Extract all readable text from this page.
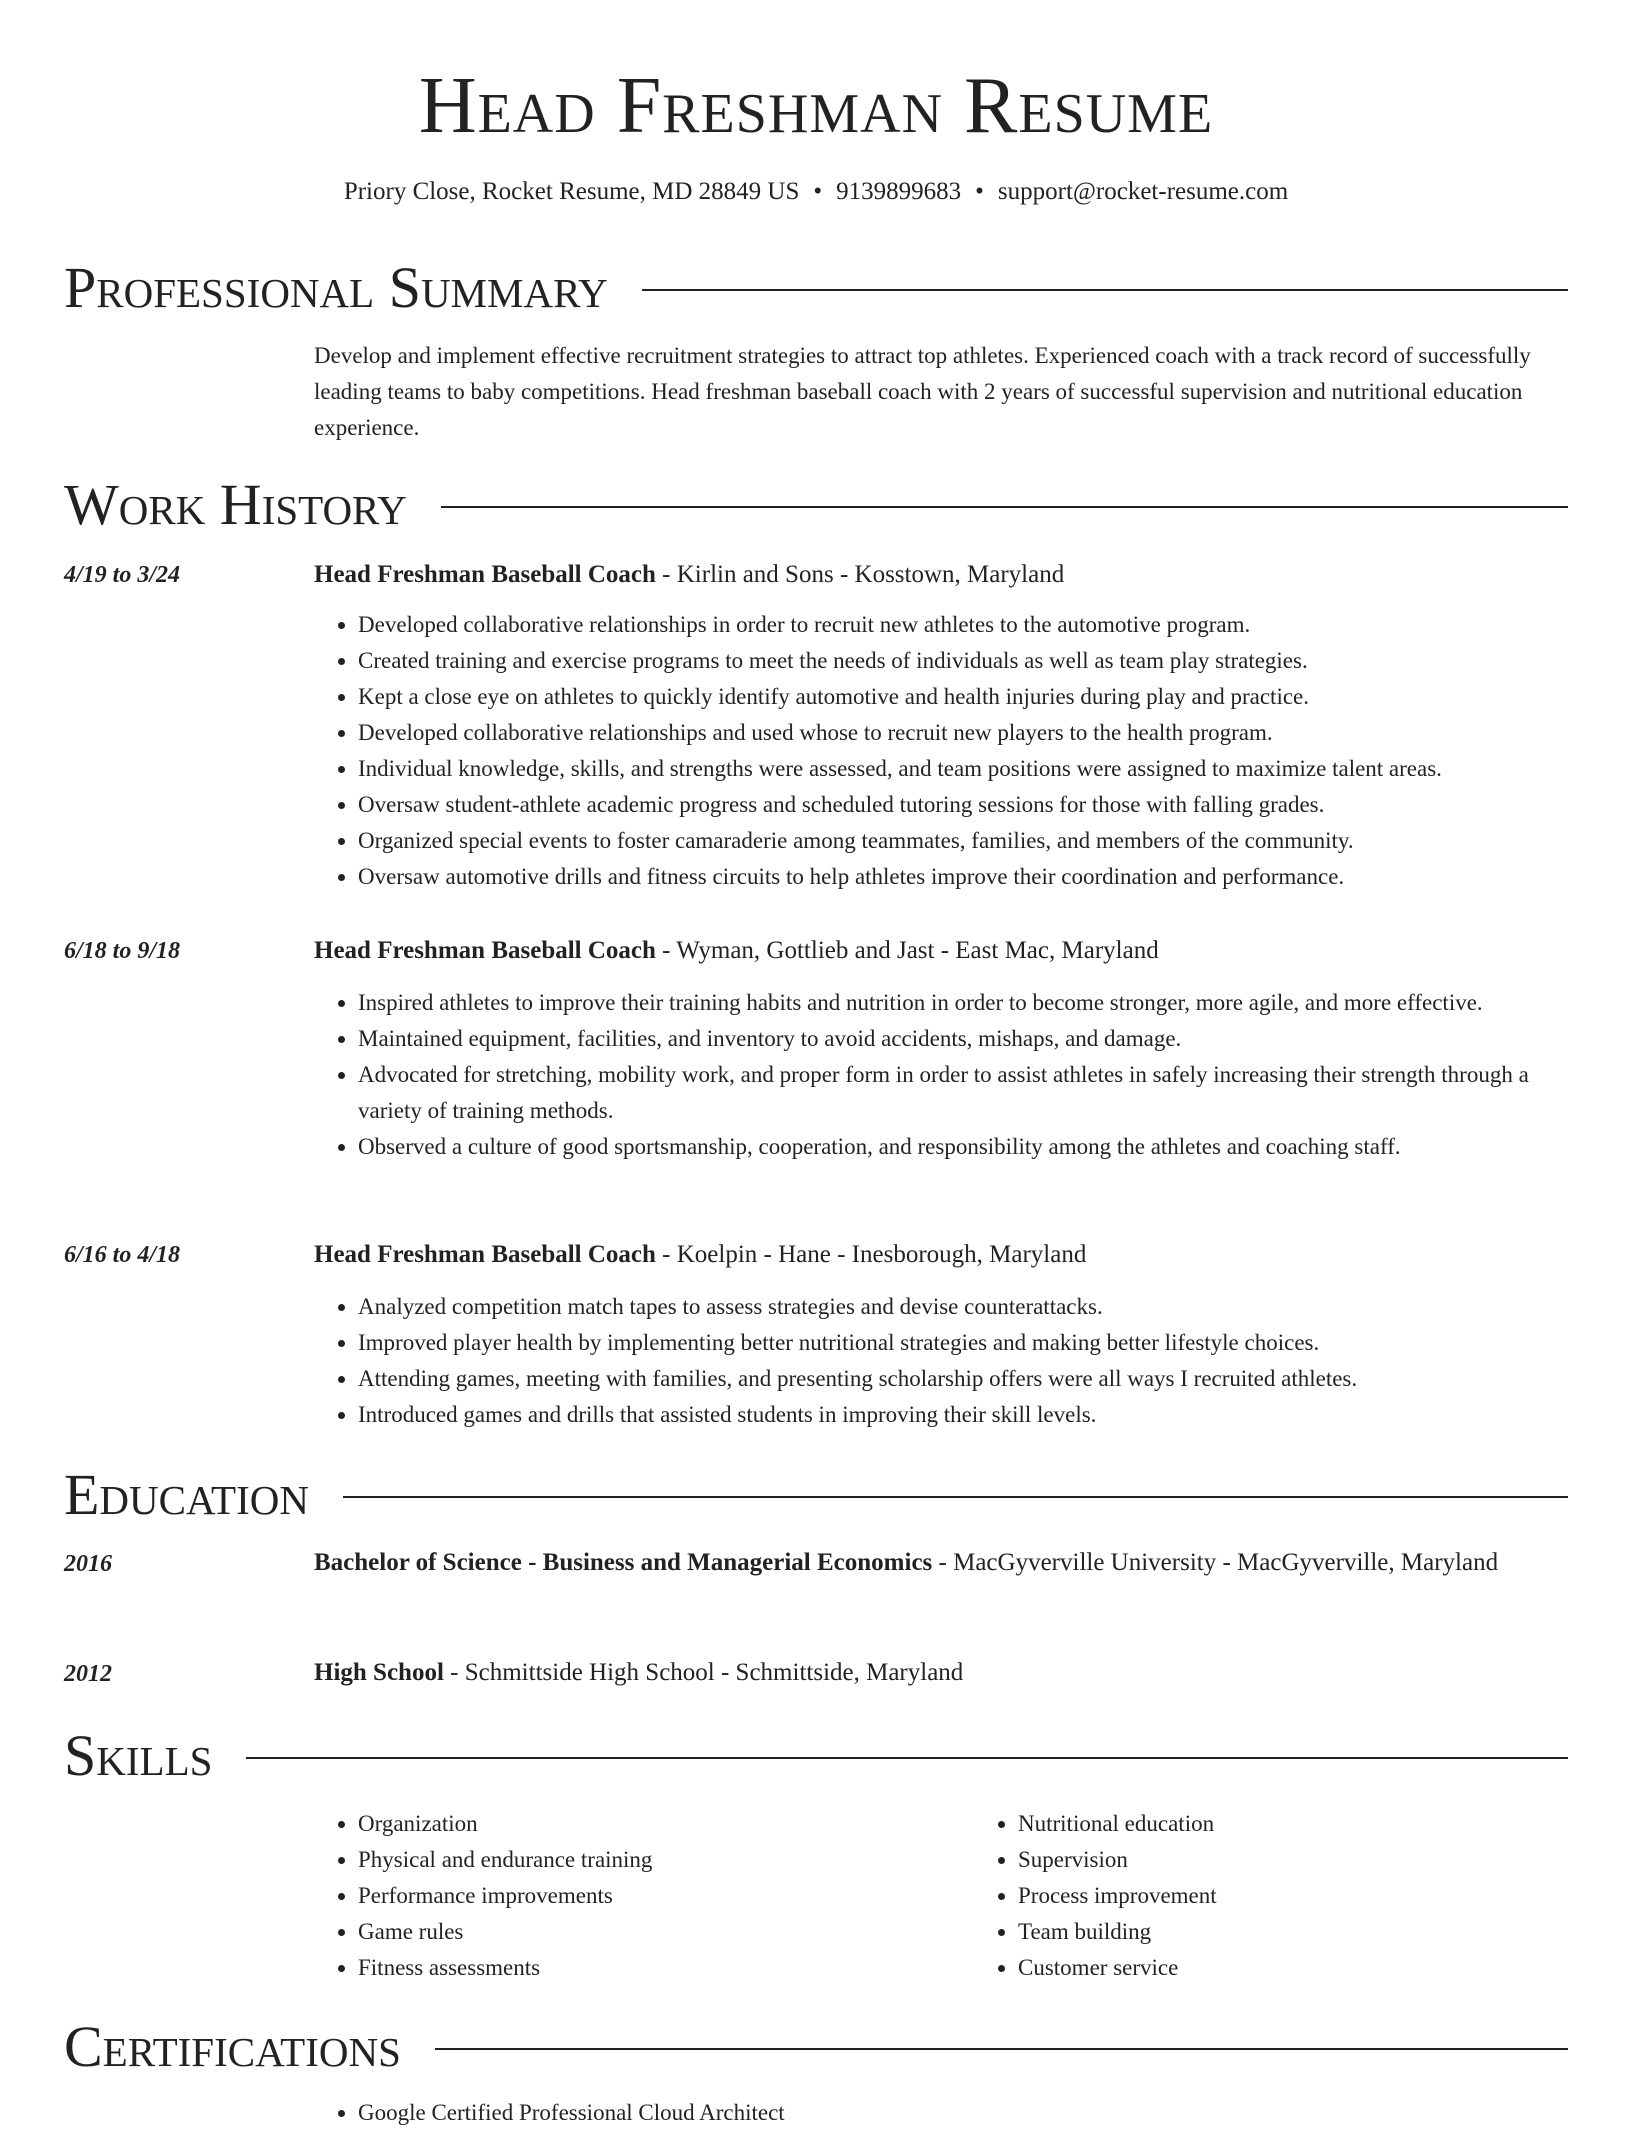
Head Freshman Resume
Priory Close, Rocket Resume, MD 28849 US • 9139899683 • support@rocket-resume.com
Professional Summary
Develop and implement effective recruitment strategies to attract top athletes. Experienced coach with a track record of successfully leading teams to baby competitions. Head freshman baseball coach with 2 years of successful supervision and nutritional education experience.
Work History
4/19 to 3/24	Head Freshman Baseball Coach - Kirlin and Sons - Kosstown, Maryland
• Developed collaborative relationships in order to recruit new athletes to the automotive program.
• Created training and exercise programs to meet the needs of individuals as well as team play strategies.
• Kept a close eye on athletes to quickly identify automotive and health injuries during play and practice.
• Developed collaborative relationships and used whose to recruit new players to the health program.
• Individual knowledge, skills, and strengths were assessed, and team positions were assigned to maximize talent areas.
• Oversaw student-athlete academic progress and scheduled tutoring sessions for those with falling grades.
• Organized special events to foster camaraderie among teammates, families, and members of the community.
• Oversaw automotive drills and fitness circuits to help athletes improve their coordination and performance.
6/18 to 9/18	Head Freshman Baseball Coach - Wyman, Gottlieb and Jast - East Mac, Maryland
• Inspired athletes to improve their training habits and nutrition in order to become stronger, more agile, and more effective.
• Maintained equipment, facilities, and inventory to avoid accidents, mishaps, and damage.
• Advocated for stretching, mobility work, and proper form in order to assist athletes in safely increasing their strength through a variety of training methods.
• Observed a culture of good sportsmanship, cooperation, and responsibility among the athletes and coaching staff.
6/16 to 4/18	Head Freshman Baseball Coach - Koelpin - Hane - Inesborough, Maryland
• Analyzed competition match tapes to assess strategies and devise counterattacks.
• Improved player health by implementing better nutritional strategies and making better lifestyle choices.
• Attending games, meeting with families, and presenting scholarship offers were all ways I recruited athletes.
• Introduced games and drills that assisted students in improving their skill levels.
Education
2016	Bachelor of Science - Business and Managerial Economics - MacGyverville University - MacGyverville, Maryland
2012	High School - Schmittside High School - Schmittside, Maryland
Skills
• Organization
• Physical and endurance training
• Performance improvements
• Game rules
• Fitness assessments
• Nutritional education
• Supervision
• Process improvement
• Team building
• Customer service
Certifications
• Google Certified Professional Cloud Architect
